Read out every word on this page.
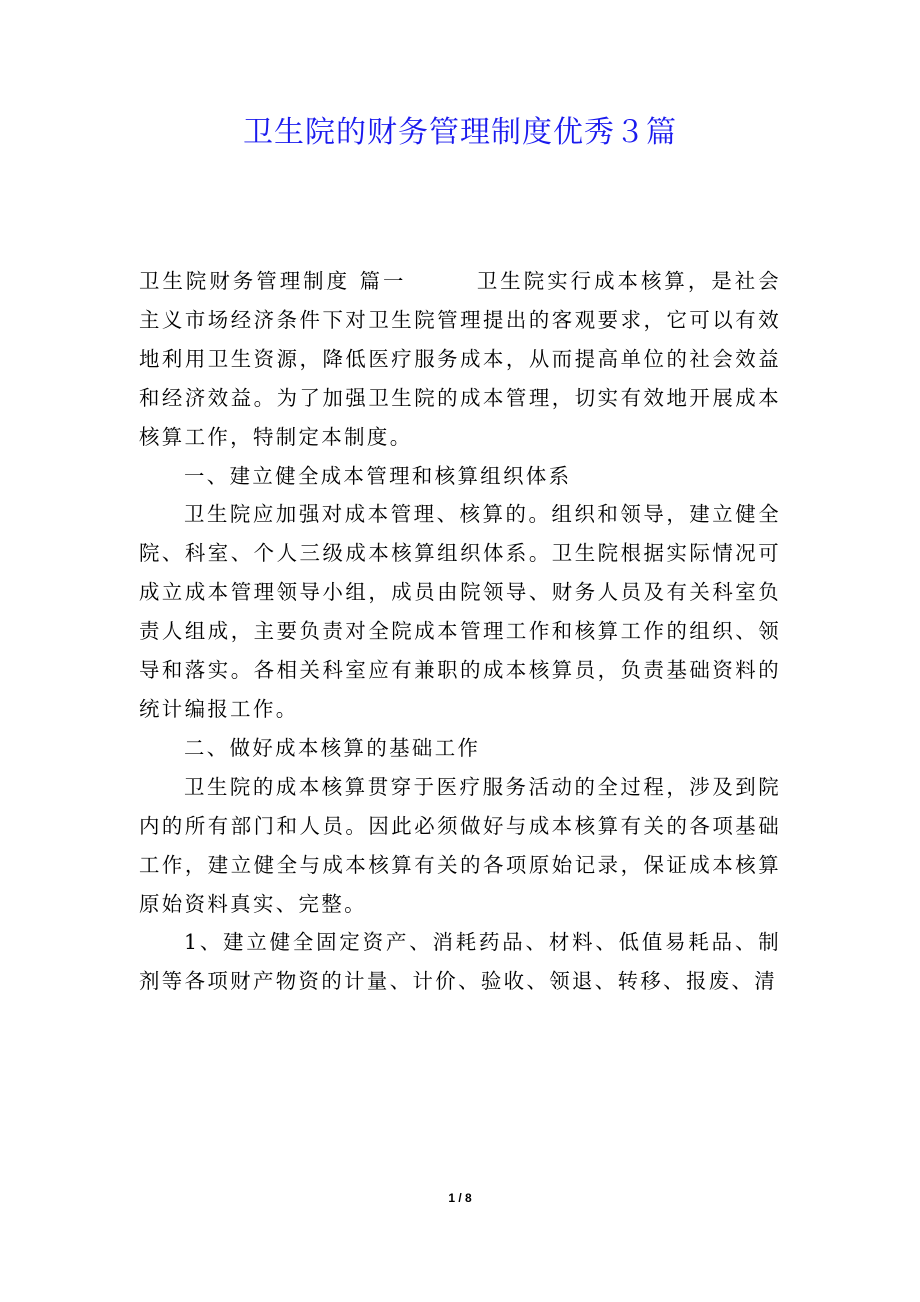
卫生院的财务管理制度优秀３篇

卫生院财务管理制度 篇一　　　	卫生院实行成本核算，是社会主义市场经济条件下对卫生院管理提出的客观要求，它可以有效地利用卫生资源，降低医疗服务成本，从而提高单位的社会效益和经济效益。为了加强卫生院的成本管理，切实有效地开展成本核算工作，特制定本制度。

一、建立健全成本管理和核算组织体系

卫生院应加强对成本管理、核算的。组织和领导，建立健全院、科室、个人三级成本核算组织体系。卫生院根据实际情况可成立成本管理领导小组，成员由院领导、财务人员及有关科室负责人组成，主要负责对全院成本管理工作和核算工作的组织、领导和落实。各相关科室应有兼职的成本核算员，负责基础资料的统计编报工作。

二、做好成本核算的基础工作

卫生院的成本核算贯穿于医疗服务活动的全过程，涉及到院内的所有部门和人员。因此必须做好与成本核算有关的各项基础工作，建立健全与成本核算有关的各项原始记录，保证成本核算原始资料真实、完整。

1、建立健全固定资产、消耗药品、材料、低值易耗品、制剂等各项财产物资的计量、计价、验收、领退、转移、报废、清

1 / 8
